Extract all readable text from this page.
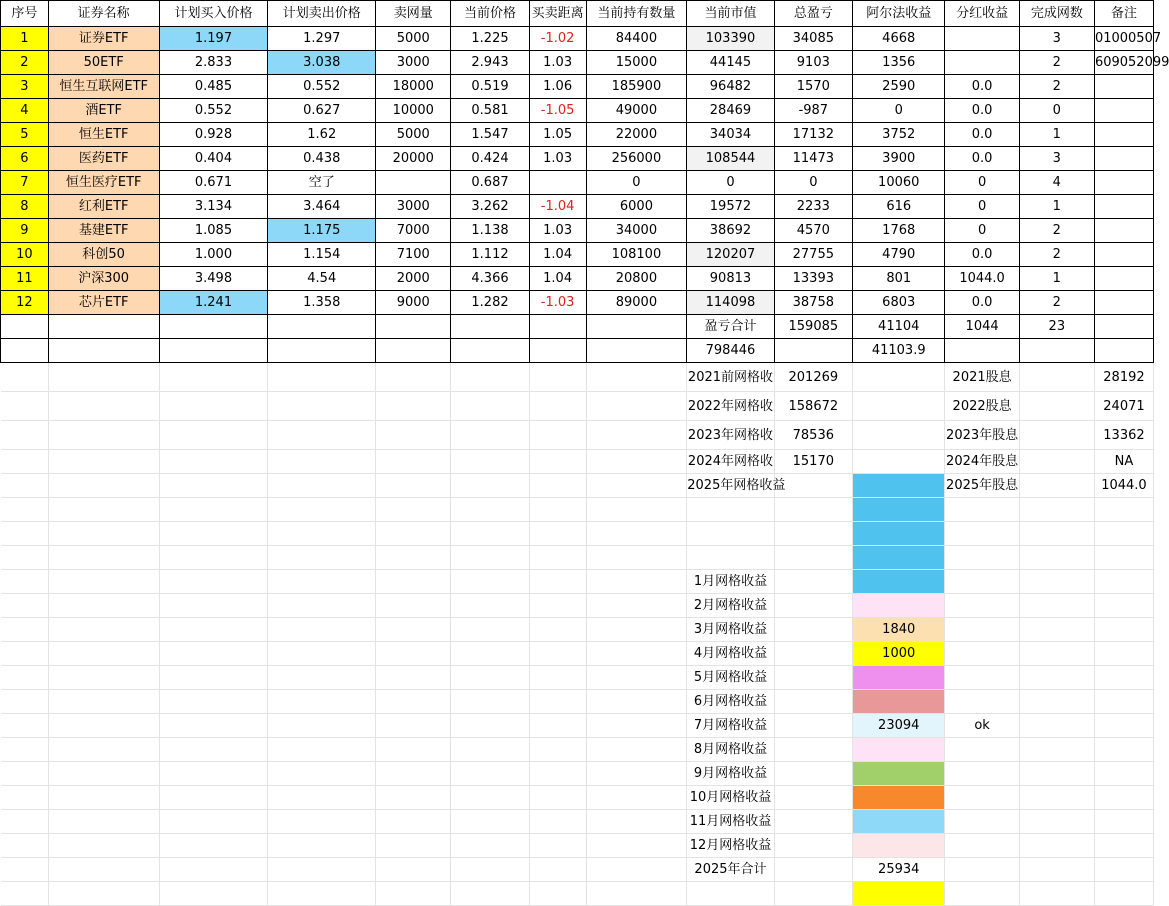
序号	证券名称	计划买入价格	计划卖出价格	卖网量	当前价格	买卖距离	当前持有数量	当前市值	总盈亏	阿尔法收益	分红收益	完成网数	备注
1	证券ETF	1.197	1.297	5000	1.225	-1.02	84400	103390	34085	4668		3	01000507
2	50ETF	2.833	3.038	3000	2.943	1.03	15000	44145	9103	1356		2	609052099
3	恒生互联网ETF	0.485	0.552	18000	0.519	1.06	185900	96482	1570	2590	0.0	2	
4	酒ETF	0.552	0.627	10000	0.581	-1.05	49000	28469	-987	0	0.0	0	
5	恒生ETF	0.928	1.62	5000	1.547	1.05	22000	34034	17132	3752	0.0	1	
6	医药ETF	0.404	0.438	20000	0.424	1.03	256000	108544	11473	3900	0.0	3	
7	恒生医疗ETF	0.671	空了		0.687		0	0	0	10060	0	4	
8	红利ETF	3.134	3.464	3000	3.262	-1.04	6000	19572	2233	616	0	1	
9	基建ETF	1.085	1.175	7000	1.138	1.03	34000	38692	4570	1768	0	2	
10	科创50	1.000	1.154	7100	1.112	1.04	108100	120207	27755	4790	0.0	2	
11	沪深300	3.498	4.54	2000	4.366	1.04	20800	90813	13393	801	1044.0	1	
12	芯片ETF	1.241	1.358	9000	1.282	-1.03	89000	114098	38758	6803	0.0	2	
								盈亏合计	159085	41104	1044	23	
								798446		41103.9			
								2021前网格收	201269		2021股息		28192
								2022年网格收	158672		2022股息		24071
								2023年网格收	78536		2023年股息		13362
								2024年网格收	15170		2024年股息		NA
								2025年网格收益			2025年股息		1044.0

								1月网格收益					
								2月网格收益					
								3月网格收益		1840			
								4月网格收益		1000			
								5月网格收益					
								6月网格收益					
								7月网格收益		23094	ok		
								8月网格收益					
								9月网格收益					
								10月网格收益					
								11月网格收益					
								12月网格收益					
								2025年合计		25934			
